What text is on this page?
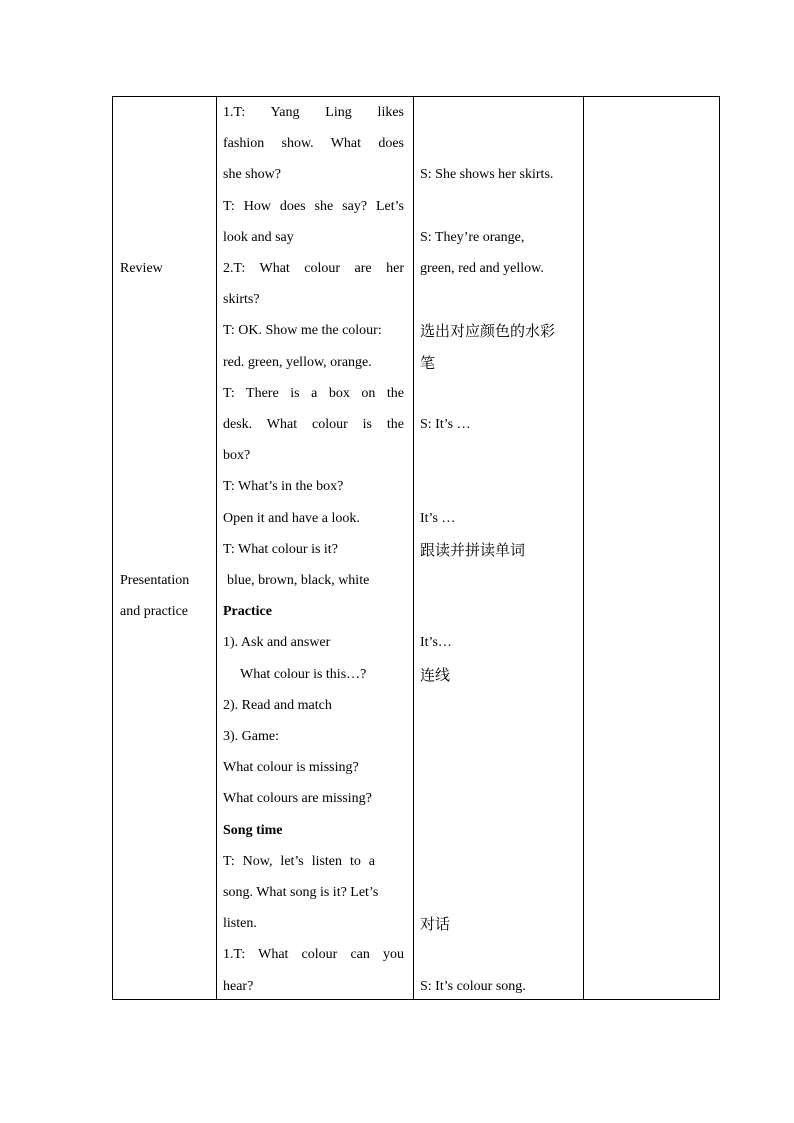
Review
Presentation
and practice
1.T: Yang Ling likes
fashion show. What does
she show?
T: How does she say? Let’s
look and say
2.T: What colour are her
skirts?
T: OK. Show me the colour:
red. green, yellow, orange.
T: There is a box on the
desk. What colour is the
box?
T: What’s in the box?
Open it and have a look.
T: What colour is it?
blue, brown, black, white
Practice
1). Ask and answer
What colour is this…?
2). Read and match
3). Game:
What colour is missing?
What colours are missing?
Song time
T: Now, let’s listen to a
song. What song is it? Let’s
listen.
1.T: What colour can you
hear?
S: She shows her skirts.
S: They’re orange,
green, red and yellow.
选出对应颜色的水彩
笔
S: It’s …
It’s …
跟读并拼读单词
It’s…
连线
对话
S: It’s colour song.
